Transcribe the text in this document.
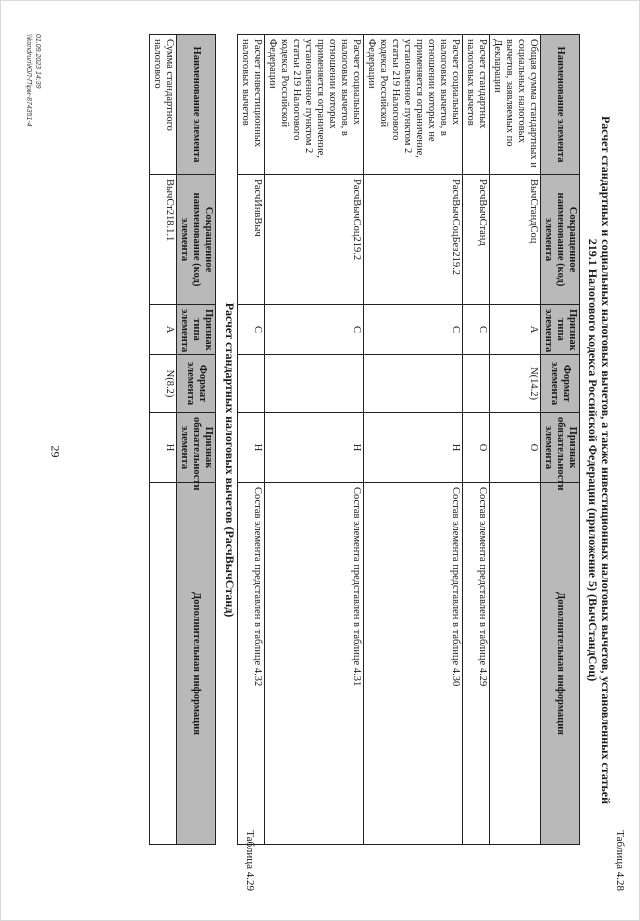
Таблица 4.28
Расчет стандартных и социальных налоговых вычетов, а также инвестиционных налоговых вычетов, установленных статьей 219.1 Налогового кодекса Российской Федерации (приложение 5) (ВычСтандСоц)
Наименование элемента	Сокращенное наименование (код) элемента	Признак типа элемента	Формат элемента	Признак обязательности элемента	Дополнительная информация
Общая сумма стандартных и социальных налоговых вычетов, заявляемых по Декларации	ВычСтандСоц	A	N(14.2)	О	
Расчет стандартных налоговых вычетов	РасчВычСтанд	С		О	Состав элемента представлен в таблице 4.29
Расчет социальных налоговых вычетов, в отношении которых не применяется ограничение, установленное пунктом 2 статьи 219 Налогового кодекса Российской Федерации	РасчВычСоцБез219.2	С		Н	Состав элемента представлен в таблице 4.30
Расчет социальных налоговых вычетов, в отношении которых применяется ограничение, установленное пунктом 2 статьи 219 Налогового кодекса Российской Федерации	РасчВычСоц219.2	С		Н	Состав элемента представлен в таблице 4.31
Расчет инвестиционных налоговых вычетов	РасчИнвВыч	С		Н	Состав элемента представлен в таблице 4.32
Таблица 4.29
Расчет стандартных налоговых вычетов (РасчВычСтанд)
Наименование элемента	Сокращенное наименование (код) элемента	Признак типа элемента	Формат элемента	Признак обязательности элемента	Дополнительная информация
Сумма стандартного налогового	ВычСт218.1.1	A	N(8.2)	Н	
01.09.2023 14:39
\\kondrun\ЮЛ-П\рм-874351-4
29
